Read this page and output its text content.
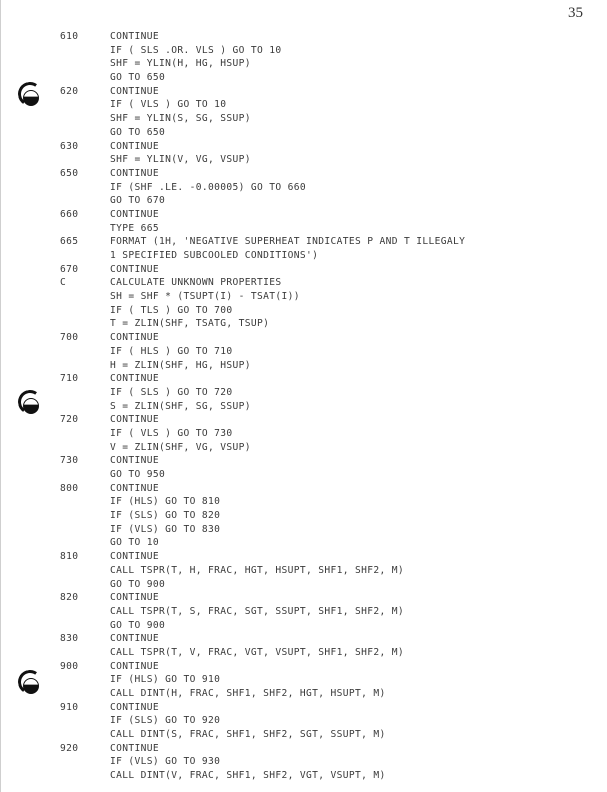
35
610	CONTINUE
IF ( SLS .OR. VLS ) GO TO 10
SHF = YLIN(H, HG, HSUP)
GO TO 650
620	CONTINUE
IF ( VLS ) GO TO 10
SHF = YLIN(S, SG, SSUP)
GO TO 650
630	CONTINUE
SHF = YLIN(V, VG, VSUP)
650	CONTINUE
IF (SHF .LE. -0.00005) GO TO 660
GO TO 670
660	CONTINUE
TYPE 665
665	FORMAT (1H, 'NEGATIVE SUPERHEAT INDICATES P AND T ILLEGALY
1 SPECIFIED SUBCOOLED CONDITIONS')
670	CONTINUE
C	CALCULATE UNKNOWN PROPERTIES
SH = SHF * (TSUPT(I) - TSAT(I))
IF ( TLS ) GO TO 700
T = ZLIN(SHF, TSATG, TSUP)
700	CONTINUE
IF ( HLS ) GO TO 710
H = ZLIN(SHF, HG, HSUP)
710	CONTINUE
IF ( SLS ) GO TO 720
S = ZLIN(SHF, SG, SSUP)
720	CONTINUE
IF ( VLS ) GO TO 730
V = ZLIN(SHF, VG, VSUP)
730	CONTINUE
GO TO 950
800	CONTINUE
IF (HLS) GO TO 810
IF (SLS) GO TO 820
IF (VLS) GO TO 830
GO TO 10
810	CONTINUE
CALL TSPR(T, H, FRAC, HGT, HSUPT, SHF1, SHF2, M)
GO TO 900
820	CONTINUE
CALL TSPR(T, S, FRAC, SGT, SSUPT, SHF1, SHF2, M)
GO TO 900
830	CONTINUE
CALL TSPR(T, V, FRAC, VGT, VSUPT, SHF1, SHF2, M)
900	CONTINUE
IF (HLS) GO TO 910
CALL DINT(H, FRAC, SHF1, SHF2, HGT, HSUPT, M)
910	CONTINUE
IF (SLS) GO TO 920
CALL DINT(S, FRAC, SHF1, SHF2, SGT, SSUPT, M)
920	CONTINUE
IF (VLS) GO TO 930
CALL DINT(V, FRAC, SHF1, SHF2, VGT, VSUPT, M)
